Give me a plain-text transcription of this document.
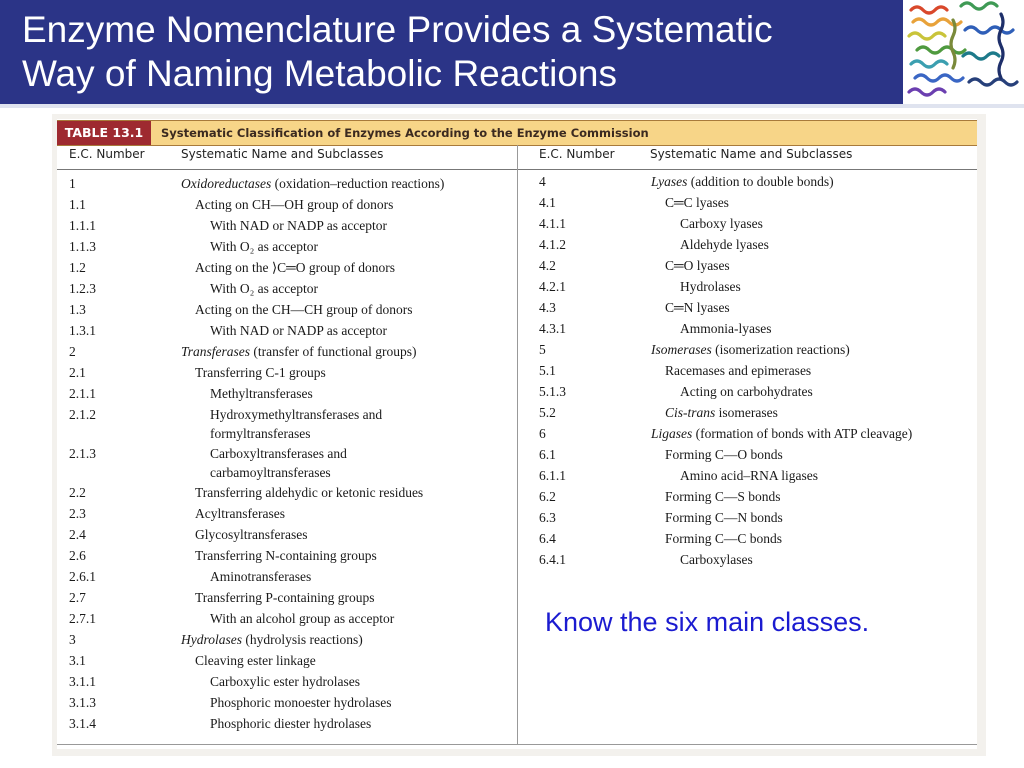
Enzyme Nomenclature Provides a Systematic
Way of Naming Metabolic Reactions
TABLE 13.1	Systematic Classification of Enzymes According to the Enzyme Commission
E.C. Number	Systematic Name and Subclasses	E.C. Number	Systematic Name and Subclasses
1	Oxidoreductases (oxidation–reduction reactions)
1.1	Acting on CH—OH group of donors
1.1.1	With NAD or NADP as acceptor
1.1.3	With O₂ as acceptor
1.2	Acting on the ⟩C═O group of donors
1.2.3	With O₂ as acceptor
1.3	Acting on the CH—CH group of donors
1.3.1	With NAD or NADP as acceptor
2	Transferases (transfer of functional groups)
2.1	Transferring C-1 groups
2.1.1	Methyltransferases
2.1.2	Hydroxymethyltransferases and
formyltransferases
2.1.3	Carboxyltransferases and
carbamoyltransferases
2.2	Transferring aldehydic or ketonic residues
2.3	Acyltransferases
2.4	Glycosyltransferases
2.6	Transferring N-containing groups
2.6.1	Aminotransferases
2.7	Transferring P-containing groups
2.7.1	With an alcohol group as acceptor
3	Hydrolases (hydrolysis reactions)
3.1	Cleaving ester linkage
3.1.1	Carboxylic ester hydrolases
3.1.3	Phosphoric monoester hydrolases
3.1.4	Phosphoric diester hydrolases
4	Lyases (addition to double bonds)
4.1	C═C lyases
4.1.1	Carboxy lyases
4.1.2	Aldehyde lyases
4.2	C═O lyases
4.2.1	Hydrolases
4.3	C═N lyases
4.3.1	Ammonia-lyases
5	Isomerases (isomerization reactions)
5.1	Racemases and epimerases
5.1.3	Acting on carbohydrates
5.2	Cis-trans isomerases
6	Ligases (formation of bonds with ATP cleavage)
6.1	Forming C—O bonds
6.1.1	Amino acid–RNA ligases
6.2	Forming C—S bonds
6.3	Forming C—N bonds
6.4	Forming C—C bonds
6.4.1	Carboxylases
Know the six main classes.
